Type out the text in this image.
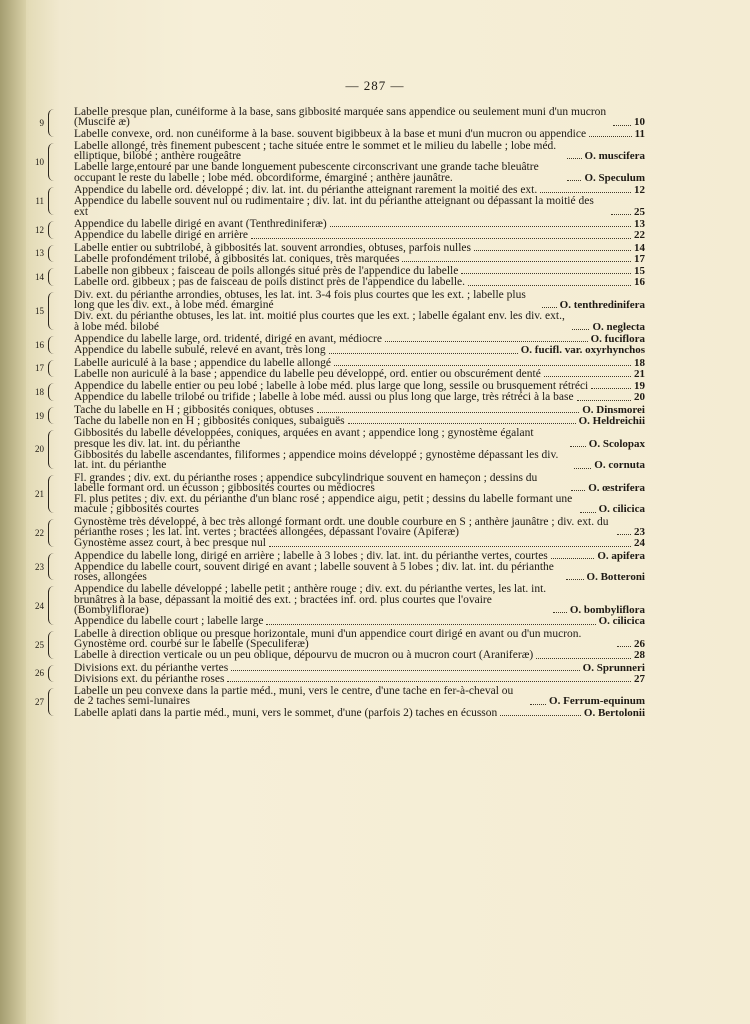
— 287 —
9
Labelle presque plan, cunéiforme à la base, sans gibbosité marquée sans appendice ou seulement muni d'un mucron (Muscife æ)	10
Labelle convexe, ord. non cunéiforme à la base. souvent bigibbeux à la base et muni d'un mucron ou appendice	11
10
Labelle allongé, très finement pubescent ; tache située entre le sommet et le milieu du labelle ; lobe méd. elliptique, bilobé ; anthère rougeâtre	O. muscifera
Labelle large,entouré par une bande longuement pubescente circonscrivant une grande tache bleuâtre occupant le reste du labelle ; lobe méd. obcordiforme, émarginé ; anthère jaunâtre.	O. Speculum
11
Appendice du labelle ord. développé ; div. lat. int. du périanthe atteignant rarement la moitié des ext.	12
Appendice du labelle souvent nul ou rudimentaire ; div. lat. int du périanthe atteignant ou dépassant la moitié des ext	25
12	Appendice du labelle dirigé en avant (Tenthrediniferæ)	13
Appendice du labelle dirigé en arrière	22
13	Labelle entier ou subtrilobé, à gibbosités lat. souvent arrondies, obtuses, parfois nulles	14
Labelle profondément trilobé, à gibbosités lat. coniques, très marquées	17
14	Labelle non gibbeux ; faisceau de poils allongés situé près de l'appendice du labelle	15
Labelle ord. gibbeux ; pas de faisceau de poils distinct près de l'appendice du labelle.	16
15
Div. ext. du périanthe arrondies, obtuses, les lat. int. 3-4 fois plus courtes que les ext. ; labelle plus long que les div. ext., à lobe méd. émarginé	O. tenthredinifera
Div. ext. du périanthe obtuses, les lat. int. moitié plus courtes que les ext. ; labelle égalant env. les div. ext., à lobe méd. bilobé	O. neglecta
16	Appendice du labelle large, ord. tridenté, dirigé en avant, médiocre	O. fuciflora
Appendice du labelle subulé, relevé en avant, très long	O. fucifl. var. oxyrhynchos
17	Labelle auriculé à la base ; appendice du labelle allongé	18
Labelle non auriculé à la base ; appendice du labelle peu développé, ord. entier ou obscurément denté	21
18	Appendice du labelle entier ou peu lobé ; labelle à lobe méd. plus large que long, sessile ou brusquement rétréci	19
Appendice du labelle trilobé ou trifide ; labelle à lobe méd. aussi ou plus long que large, très rétréci à la base	20
19	Tache du labelle en H ; gibbosités coniques, obtuses	O. Dinsmorei
Tache du labelle non en H ; gibbosités coniques, subaiguës	O. Heldreichii
20
Gibbosités du labelle développées, coniques, arquées en avant ; appendice long ; gynostème égalant presque les div. lat. int. du périanthe	O. Scolopax
Gibbosités du labelle ascendantes, filiformes ; appendice moins développé ; gynostème dépassant les div. lat. int. du périanthe	O. cornuta
21
Fl. grandes ; div. ext. du périanthe roses ; appendice subcylindrique souvent en hameçon ; dessins du labelle formant ord. un écusson ; gibbosités courtes ou médiocres	O. œstrifera
Fl. plus petites ; div. ext. du périanthe d'un blanc rosé ; appendice aigu, petit ; dessins du labelle formant une macule ; gibbosités courtes	O. cilicica
22
Gynostème très développé, à bec très allongé formant ordt. une double courbure en S ; anthère jaunâtre ; div. ext. du périanthe roses ; les lat. int. vertes ; bractées allongées, dépassant l'ovaire (Apiferæ)	23
Gynostème assez court, à bec presque nul	24
23
Appendice du labelle long, dirigé en arrière ; labelle à 3 lobes ; div. lat. int. du périanthe vertes, courtes	O. apifera
Appendice du labelle court, souvent dirigé en avant ; labelle souvent à 5 lobes ; div. lat. int. du périanthe roses, allongées	O. Botteroni
24
Appendice du labelle développé ; labelle petit ; anthère rouge ; div. ext. du périanthe vertes, les lat. int. brunâtres à la base, dépassant la moitié des ext. ; bractées inf. ord. plus courtes que l'ovaire (Bombyliflorae)	O. bombyliflora
Appendice du labelle court ; labelle large	O. cilicica
25
Labelle à direction oblique ou presque horizontale, muni d'un appendice court dirigé en avant ou d'un mucron. Gynostème ord. courbé sur le labelle (Speculiferæ)	26
Labelle à direction verticale ou un peu oblique, dépourvu de mucron ou à mucron court (Araniferæ)	28
26	Divisions ext. du périanthe vertes	O. Sprunneri
Divisions ext. du périanthe roses	27
27
Labelle un peu convexe dans la partie méd., muni, vers le centre, d'une tache en fer-à-cheval ou de 2 taches semi-lunaires	O. Ferrum-equinum
Labelle aplati dans la partie méd., muni, vers le sommet, d'une (parfois 2) taches en écusson	O. Bertolonii
